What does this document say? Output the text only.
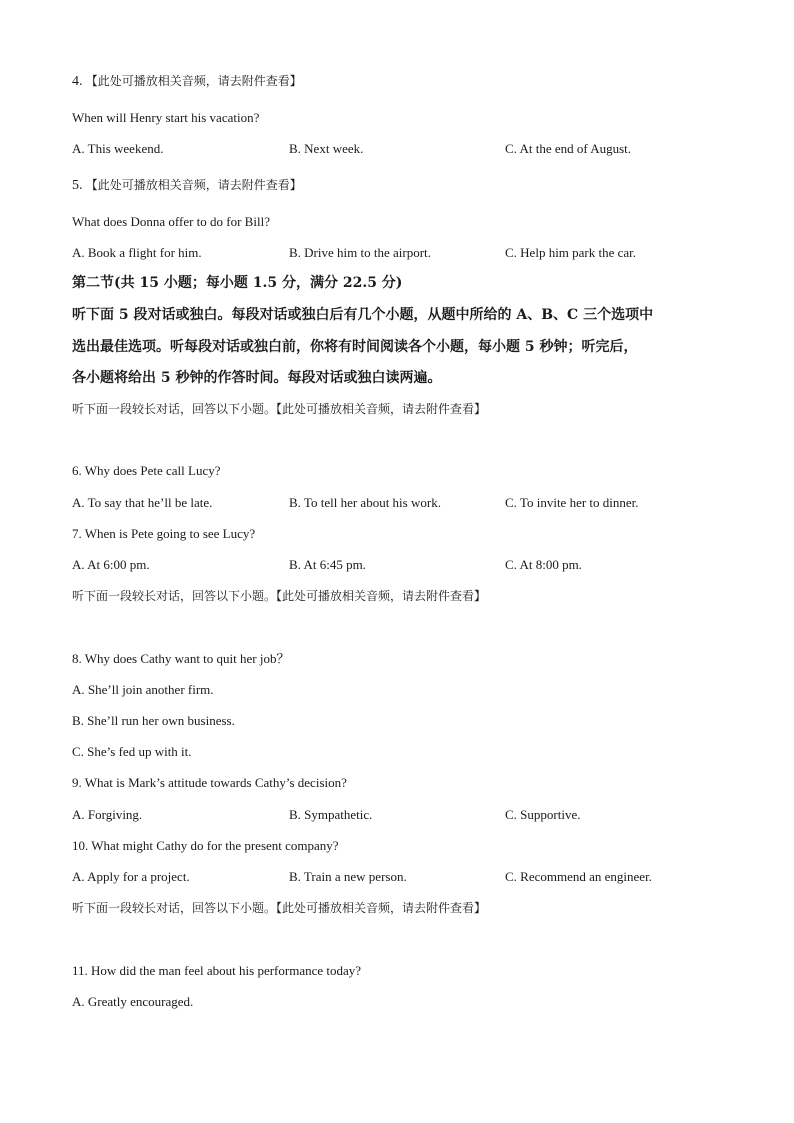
4. 【此处可播放相关音频，请去附件查看】
When will Henry start his vacation?
A. This weekend.	B. Next week.	C. At the end of August.
5. 【此处可播放相关音频，请去附件查看】
What does Donna offer to do for Bill?
A. Book a flight for him.	B. Drive him to the airport.	C. Help him park the car.
第二节(共 15 小题；每小题 1.5 分，满分 22.5 分)
听下面 5 段对话或独白。每段对话或独白后有几个小题，从题中所给的 A、B、C 三个选项中
选出最佳选项。听每段对话或独白前，你将有时间阅读各个小题，每小题 5 秒钟；听完后，
各小题将给出 5 秒钟的作答时间。每段对话或独白读两遍。
听下面一段较长对话，回答以下小题。【此处可播放相关音频，请去附件查看】
6. Why does Pete call Lucy?
A. To say that he’ll be late.	B. To tell her about his work.	C. To invite her to dinner.
7. When is Pete going to see Lucy?
A. At 6:00 pm.	B. At 6:45 pm.	C. At 8:00 pm.
听下面一段较长对话，回答以下小题。【此处可播放相关音频，请去附件查看】
8. Why does Cathy want to quit her job？
A. She’ll join another firm.
B. She’ll run her own business.
C. She’s fed up with it.
9. What is Mark’s attitude towards Cathy’s decision?
A. Forgiving.	B. Sympathetic.	C. Supportive.
10. What might Cathy do for the present company?
A. Apply for a project.	B. Train a new person.	C. Recommend an engineer.
听下面一段较长对话，回答以下小题。【此处可播放相关音频，请去附件查看】
11. How did the man feel about his performance today?
A. Greatly encouraged.
